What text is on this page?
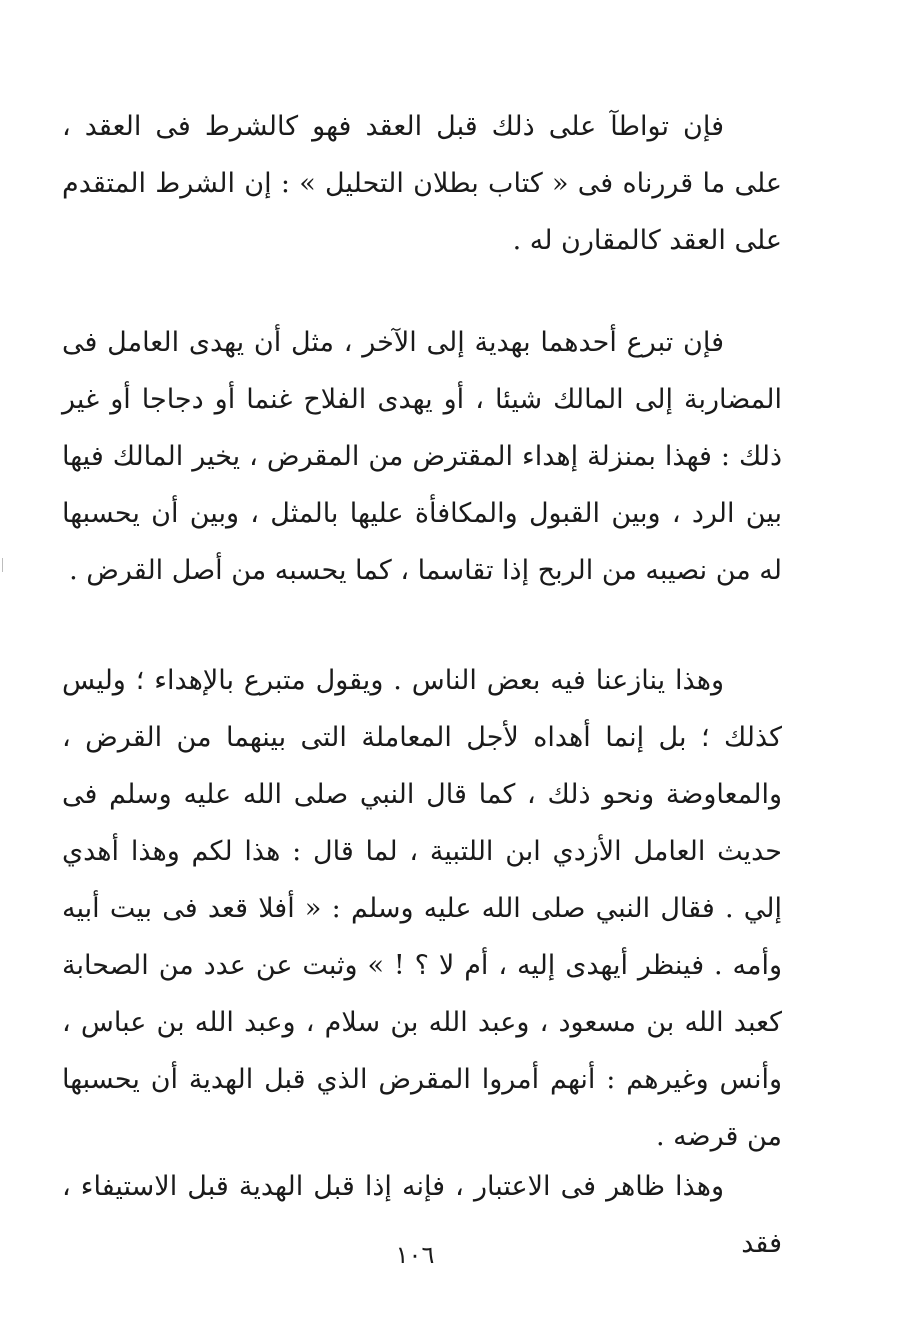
فإن تواطآ على ذلك قبل العقد فهو كالشرط فى العقد ، على ما قررناه فى « كتاب بطلان التحليل » : إن الشرط المتقدم على العقد كالمقارن له .

فإن تبرع أحدهما بهدية إلى الآخر ، مثل أن يهدى العامل فى المضاربة إلى المالك شيئا ، أو يهدى الفلاح غنما أو دجاجا أو غير ذلك : فهذا بمنزلة إهداء المقترض من المقرض ، يخير المالك فيها بين الرد ، وبين القبول والمكافأة عليها بالمثل ، وبين أن يحسبها له من نصيبه من الربح إذا تقاسما ، كما يحسبه من أصل القرض .

وهذا ينازعنا فيه بعض الناس . ويقول متبرع بالإهداء ؛ وليس كذلك ؛ بل إنما أهداه لأجل المعاملة التى بينهما من القرض ، والمعاوضة ونحو ذلك ، كما قال النبي صلى الله عليه وسلم فى حديث العامل الأزدي ابن اللتبية ، لما قال : هذا لكم وهذا أهدي إلي . فقال النبي صلى الله عليه وسلم : « أفلا قعد فى بيت أبيه وأمه . فينظر أيهدى إليه ، أم لا ؟ ! » وثبت عن عدد من الصحابة كعبد الله بن مسعود ، وعبد الله بن سلام ، وعبد الله بن عباس ، وأنس وغيرهم : أنهم أمروا المقرض الذي قبل الهدية أن يحسبها من قرضه .

وهذا ظاهر فى الاعتبار ، فإنه إذا قبل الهدية قبل الاستيفاء ، فقد

١٠٦
